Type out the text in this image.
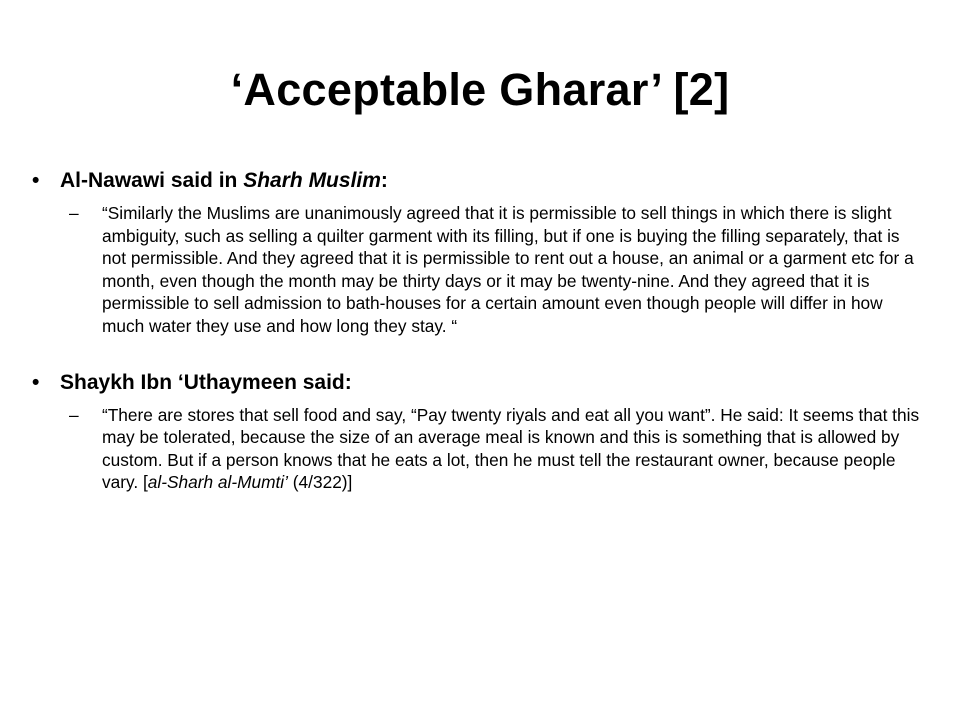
‘Acceptable Gharar’ [2]
• Al-Nawawi said in Sharh Muslim:
– “Similarly the Muslims are unanimously agreed that it is permissible to sell things in which there is slight ambiguity, such as selling a quilter garment with its filling, but if one is buying the filling separately, that is not permissible. And they agreed that it is permissible to rent out a house, an animal or a garment etc for a month, even though the month may be thirty days or it may be twenty-nine. And they agreed that it is permissible to sell admission to bath-houses for a certain amount even though people will differ in how much water they use and how long they stay. “
• Shaykh Ibn ‘Uthaymeen said:
– “There are stores that sell food and say, “Pay twenty riyals and eat all you want”. He said: It seems that this may be tolerated, because the size of an average meal is known and this is something that is allowed by custom. But if a person knows that he eats a lot, then he must tell the restaurant owner, because people vary. [al-Sharh al-Mumti’ (4/322)]
